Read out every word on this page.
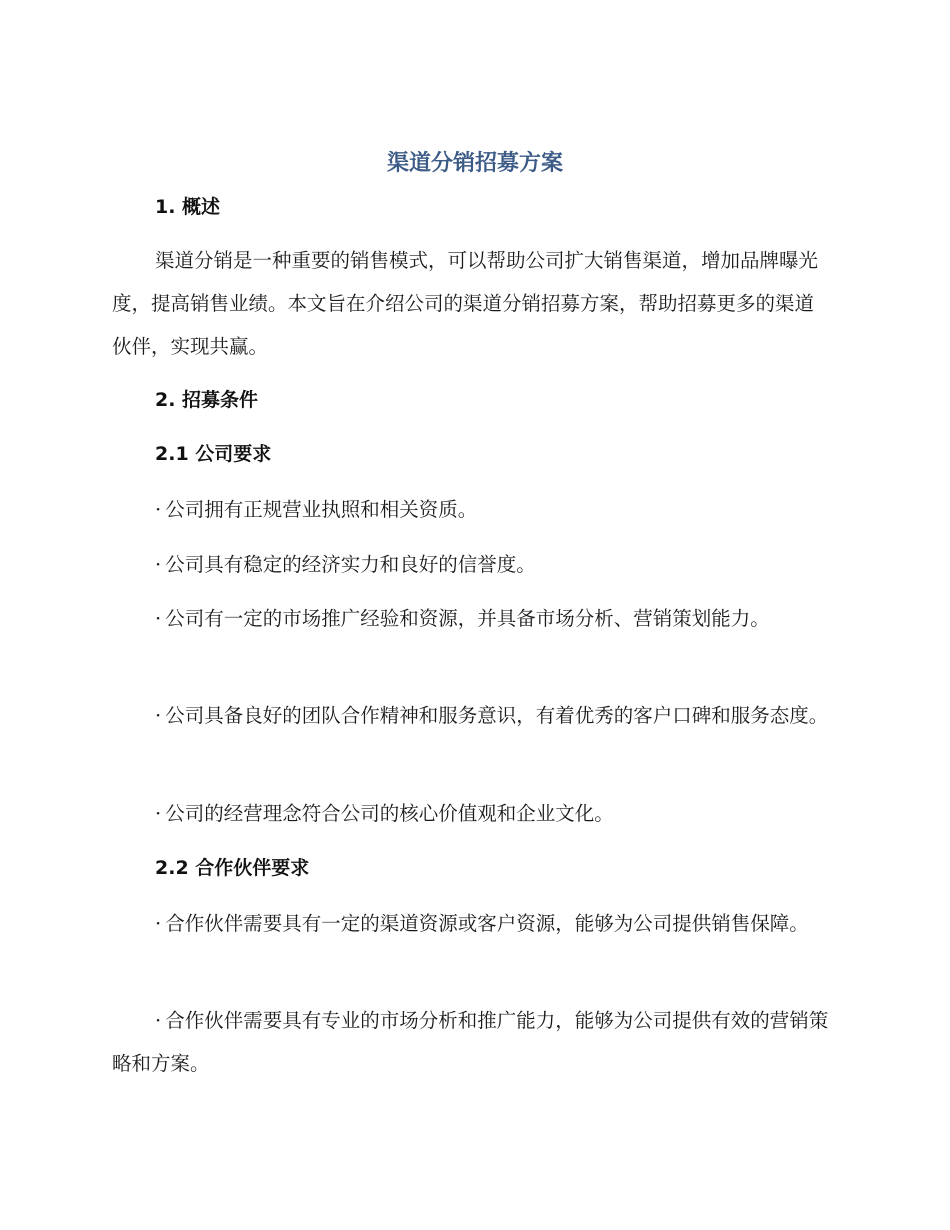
渠道分销招募方案
1. 概述
渠道分销是一种重要的销售模式，可以帮助公司扩大销售渠道，增加品牌曝光度，提高销售业绩。本文旨在介绍公司的渠道分销招募方案，帮助招募更多的渠道伙伴，实现共赢。
2. 招募条件
2.1 公司要求
· 公司拥有正规营业执照和相关资质。
· 公司具有稳定的经济实力和良好的信誉度。
· 公司有一定的市场推广经验和资源，并具备市场分析、营销策划能力。
· 公司具备良好的团队合作精神和服务意识，有着优秀的客户口碑和服务态度。
· 公司的经营理念符合公司的核心价值观和企业文化。
2.2 合作伙伴要求
· 合作伙伴需要具有一定的渠道资源或客户资源，能够为公司提供销售保障。
· 合作伙伴需要具有专业的市场分析和推广能力，能够为公司提供有效的营销策略和方案。
